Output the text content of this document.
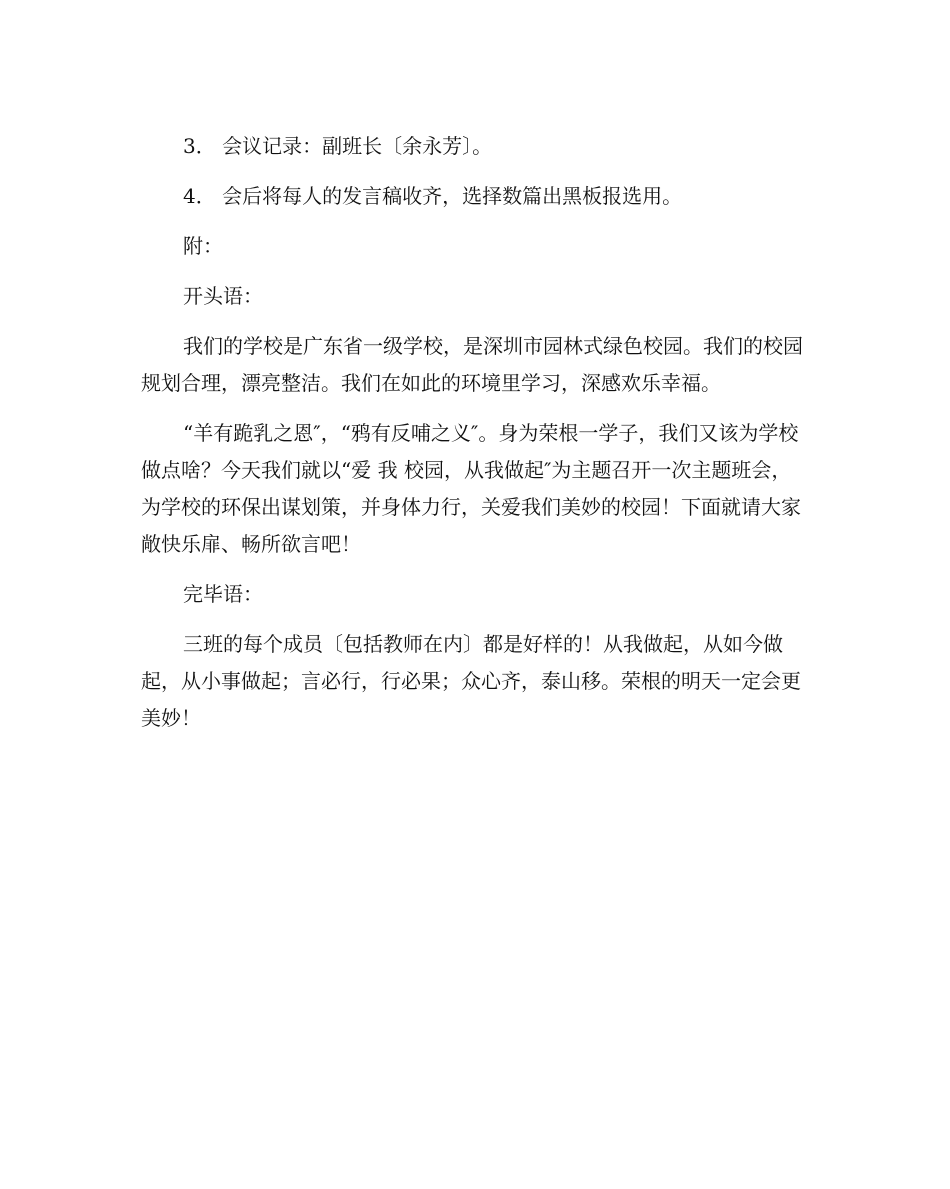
3． 会议记录：副班长〔余永芳〕。

4． 会后将每人的发言稿收齐，选择数篇出黑板报选用。

附：

开头语：

我们的学校是广东省一级学校，是深圳市园林式绿色校园。我们的校园规划合理，漂亮整洁。我们在如此的环境里学习，深感欢乐幸福。

“羊有跪乳之恩″，“鸦有反哺之义″。身为荣根一学子，我们又该为学校做点啥？今天我们就以“爱 我 校园，从我做起″为主题召开一次主题班会，为学校的环保出谋划策，并身体力行，关爱我们美妙的校园！下面就请大家敞快乐扉、畅所欲言吧！

完毕语：

三班的每个成员〔包括教师在内〕都是好样的！从我做起，从如今做起，从小事做起；言必行，行必果；众心齐，泰山移。荣根的明天一定会更美妙！
